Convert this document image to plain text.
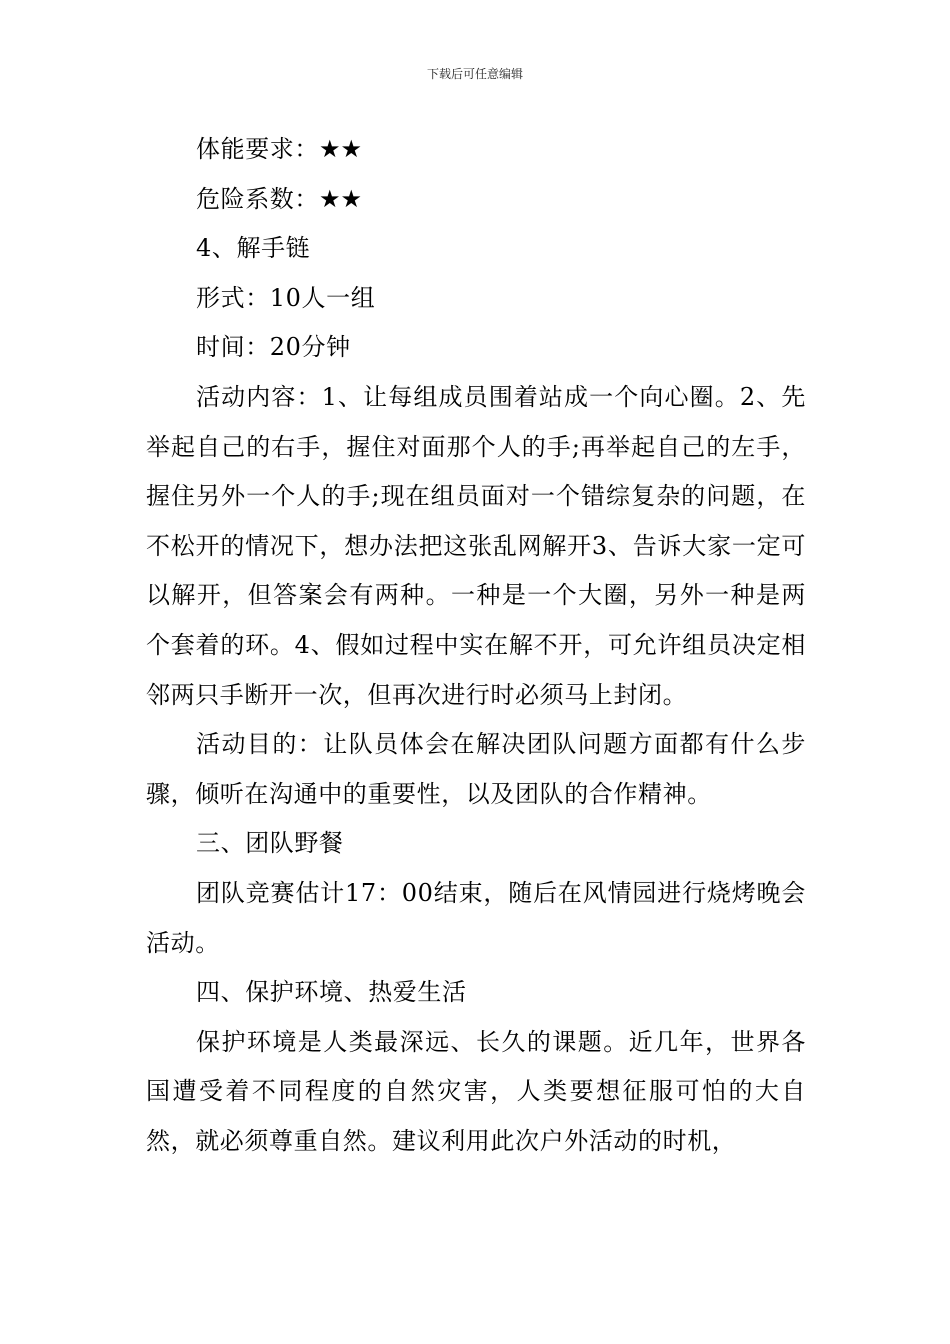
下载后可任意编辑

体能要求：★★

危险系数：★★

4、解手链

形式：10人一组

时间：20分钟

活动内容：1、让每组成员围着站成一个向心圈。2、先举起自己的右手，握住对面那个人的手;再举起自己的左手，握住另外一个人的手;现在组员面对一个错综复杂的问题，在不松开的情况下，想办法把这张乱网解开3、告诉大家一定可以解开，但答案会有两种。一种是一个大圈，另外一种是两个套着的环。4、假如过程中实在解不开，可允许组员决定相邻两只手断开一次，但再次进行时必须马上封闭。

活动目的：让队员体会在解决团队问题方面都有什么步骤，倾听在沟通中的重要性，以及团队的合作精神。

三、团队野餐

团队竞赛估计17：00结束，随后在风情园进行烧烤晚会活动。

四、保护环境、热爱生活

保护环境是人类最深远、长久的课题。近几年，世界各国遭受着不同程度的自然灾害，人类要想征服可怕的大自然，就必须尊重自然。建议利用此次户外活动的时机，
